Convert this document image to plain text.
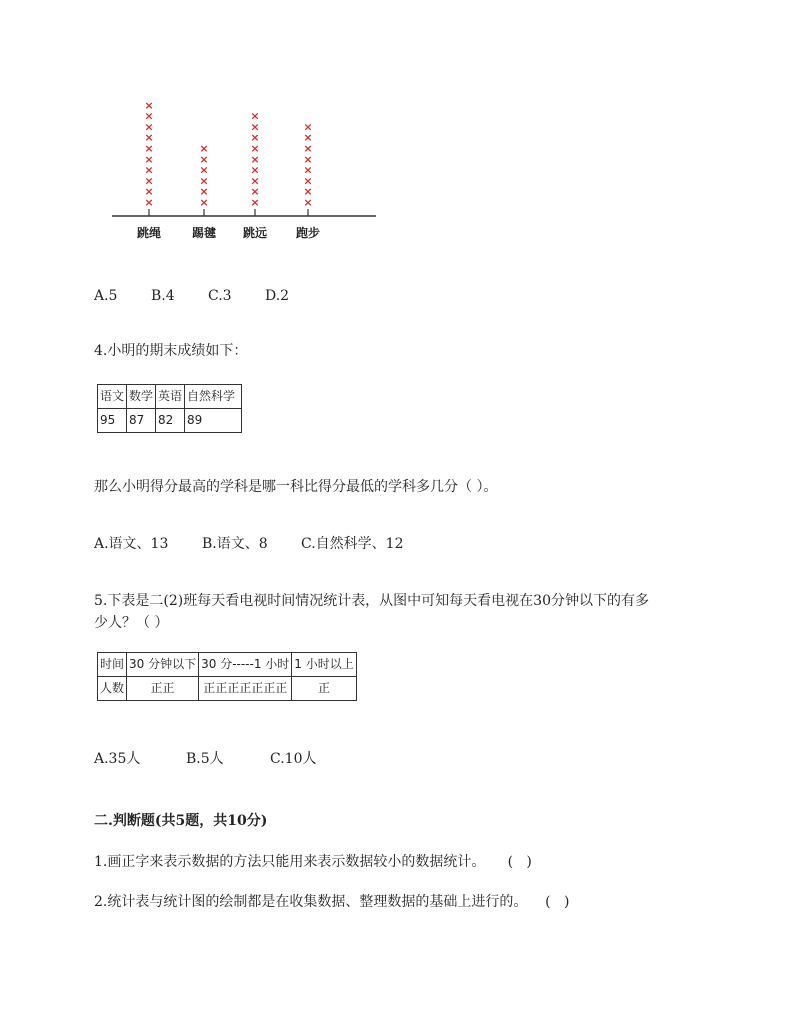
×
×
×
×
×
×
×
×
×
×
跳绳
×
×
×
×
×
×
踢毽
×
×
×
×
×
×
×
×
×
跳远
×
×
×
×
×
×
×
×
跑步
A.5 B.4 C.3 D.2
4.小明的期末成绩如下：
语文	数学	英语	自然科学
95	87	82	89
那么小明得分最高的学科是哪一科比得分最低的学科多几分（ ）。
A.语文、13 B.语文、8 C.自然科学、12
5.下表是二(2)班每天看电视时间情况统计表，从图中可知每天看电视在30分钟以下的有多
少人？（ ）
时间	30 分钟以下	30 分-----1 小时	1 小时以上
人数	正正	正正正正正正正	正
A.35人	B.5人	C.10人
二.判断题(共5题，共10分)
1.画正字来表示数据的方法只能用来表示数据较小的数据统计。     (   )
2.统计表与统计图的绘制都是在收集数据、整理数据的基础上进行的。    (   )
